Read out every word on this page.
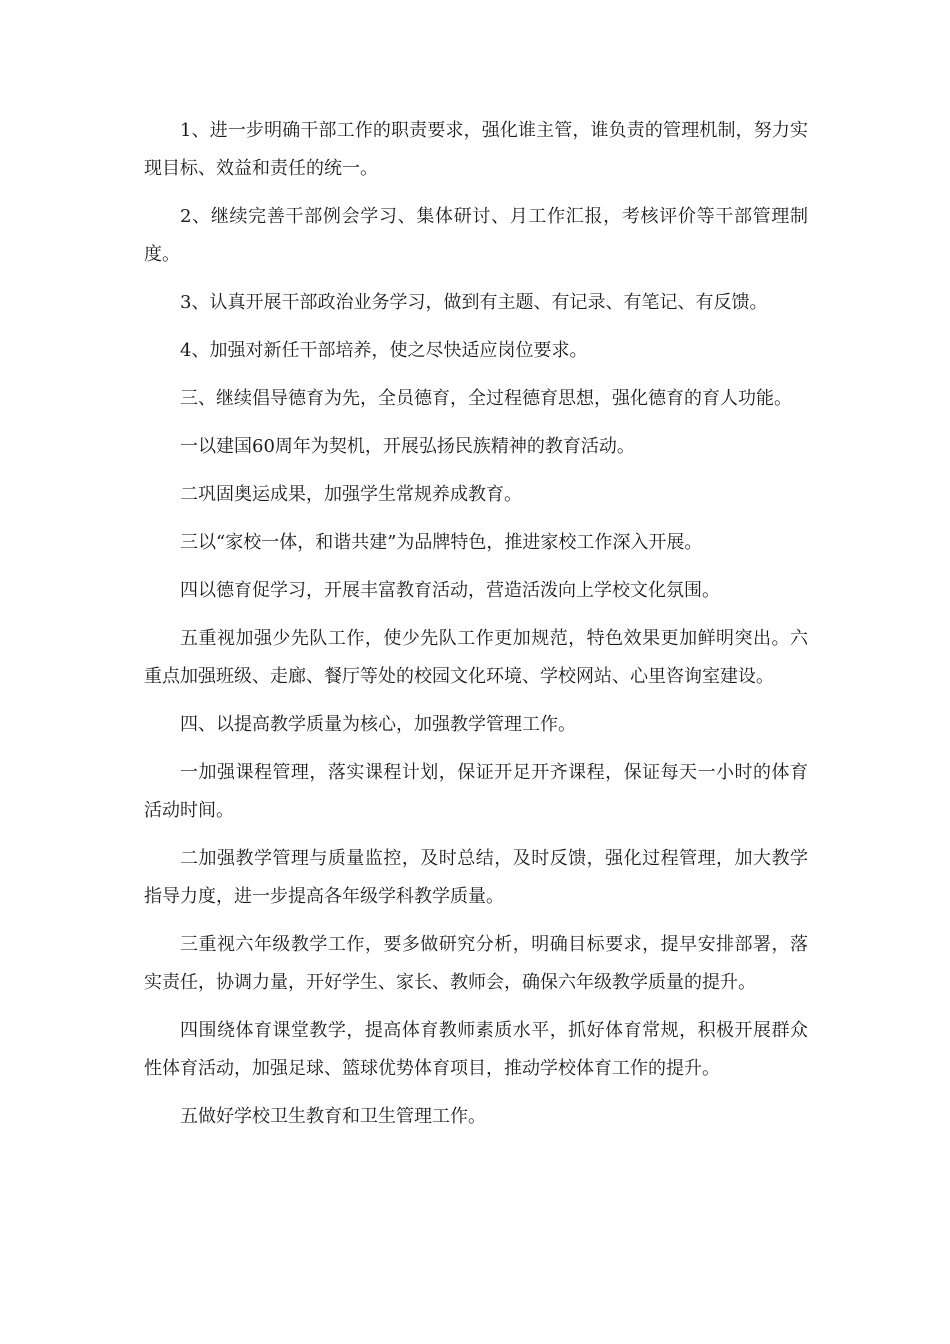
1、进一步明确干部工作的职责要求，强化谁主管，谁负责的管理机制，努力实现目标、效益和责任的统一。

2、继续完善干部例会学习、集体研讨、月工作汇报，考核评价等干部管理制度。

3、认真开展干部政治业务学习，做到有主题、有记录、有笔记、有反馈。

4、加强对新任干部培养，使之尽快适应岗位要求。

三、继续倡导德育为先，全员德育，全过程德育思想，强化德育的育人功能。

一以建国60周年为契机，开展弘扬民族精神的教育活动。

二巩固奥运成果，加强学生常规养成教育。

三以“家校一体，和谐共建”为品牌特色，推进家校工作深入开展。

四以德育促学习，开展丰富教育活动，营造活泼向上学校文化氛围。

五重视加强少先队工作，使少先队工作更加规范，特色效果更加鲜明突出。六重点加强班级、走廊、餐厅等处的校园文化环境、学校网站、心里咨询室建设。

四、以提高教学质量为核心，加强教学管理工作。

一加强课程管理，落实课程计划，保证开足开齐课程，保证每天一小时的体育活动时间。

二加强教学管理与质量监控，及时总结，及时反馈，强化过程管理，加大教学指导力度，进一步提高各年级学科教学质量。

三重视六年级教学工作，要多做研究分析，明确目标要求，提早安排部署，落实责任，协调力量，开好学生、家长、教师会，确保六年级教学质量的提升。

四围绕体育课堂教学，提高体育教师素质水平，抓好体育常规，积极开展群众性体育活动，加强足球、篮球优势体育项目，推动学校体育工作的提升。

五做好学校卫生教育和卫生管理工作。
